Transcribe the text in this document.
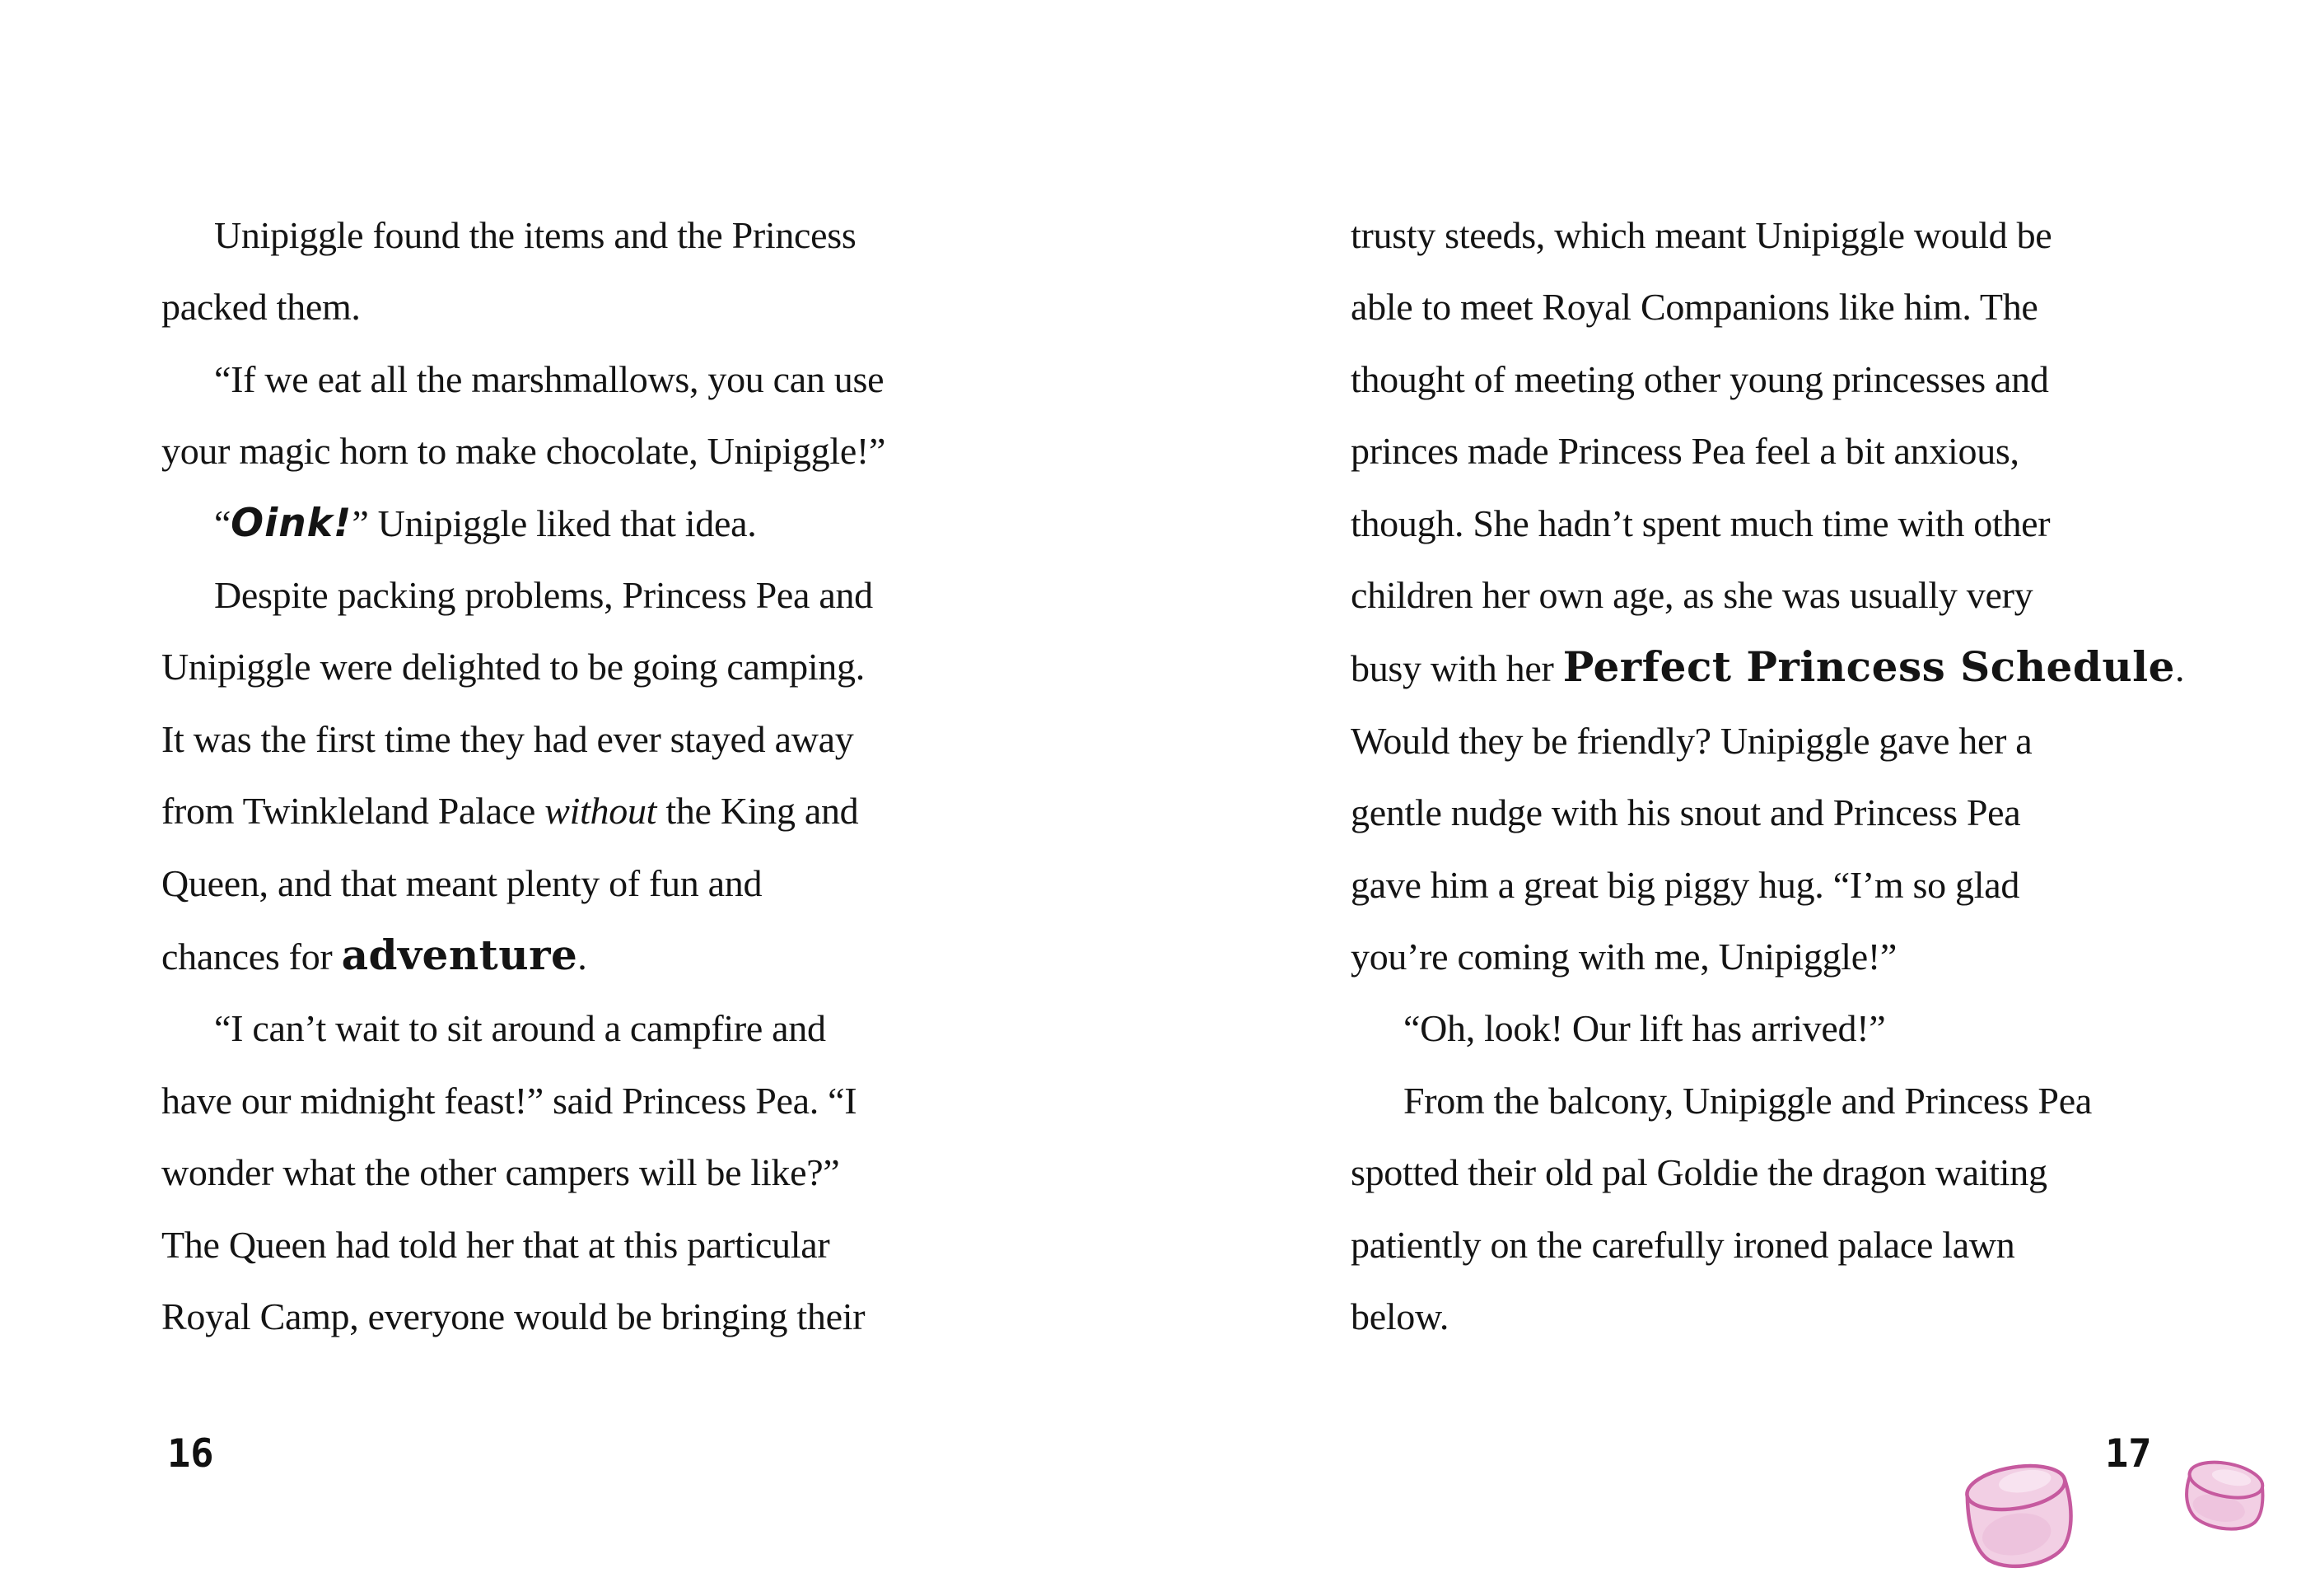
Unipiggle found the items and the Princess
packed them.
“If we eat all the marshmallows, you can use
your magic horn to make chocolate, Unipiggle!”
“Oink!” Unipiggle liked that idea.
Despite packing problems, Princess Pea and
Unipiggle were delighted to be going camping.
It was the first time they had ever stayed away
from Twinkleland Palace without the King and
Queen, and that meant plenty of fun and
chances for adventure.
“I can’t wait to sit around a campfire and
have our midnight feast!” said Princess Pea. “I
wonder what the other campers will be like?”
The Queen had told her that at this particular
Royal Camp, everyone would be bringing their
trusty steeds, which meant Unipiggle would be
able to meet Royal Companions like him. The
thought of meeting other young princesses and
princes made Princess Pea feel a bit anxious,
though. She hadn’t spent much time with other
children her own age, as she was usually very
busy with her Perfect Princess Schedule.
Would they be friendly? Unipiggle gave her a
gentle nudge with his snout and Princess Pea
gave him a great big piggy hug. “I’m so glad
you’re coming with me, Unipiggle!”
“Oh, look! Our lift has arrived!”
From the balcony, Unipiggle and Princess Pea
spotted their old pal Goldie the dragon waiting
patiently on the carefully ironed palace lawn
below.
16	17
